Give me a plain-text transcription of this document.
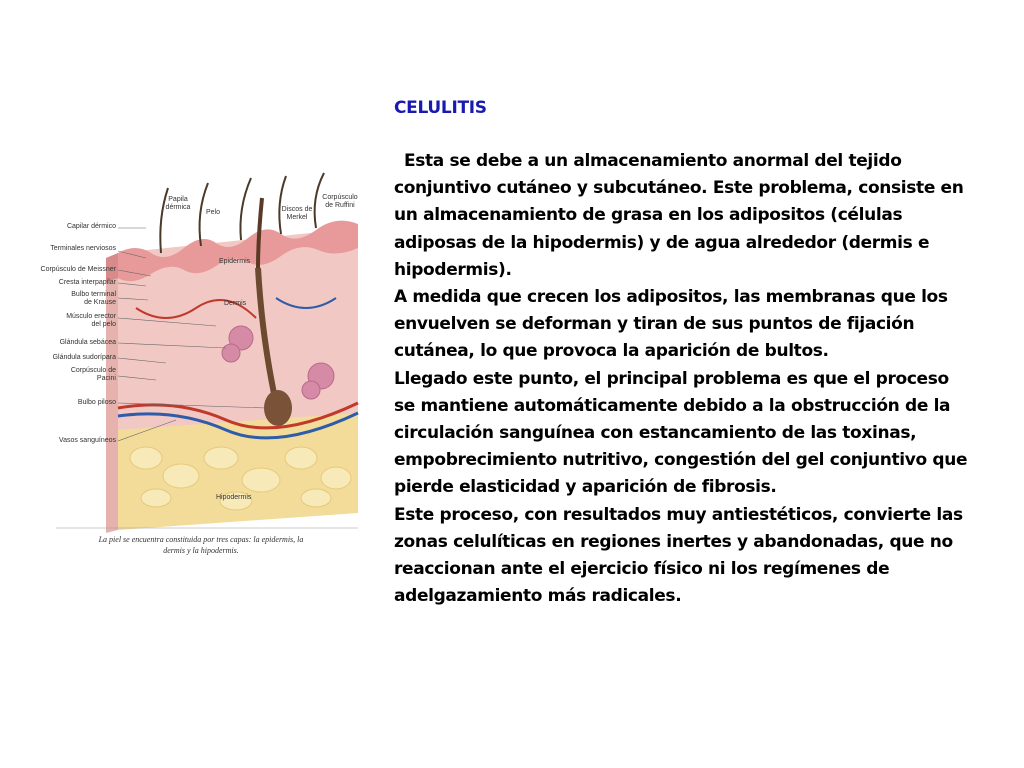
Capilar dérmico
Terminales nerviosos
Corpúsculo de Meissner
Cresta interpapilar
Bulbo terminal de Krause
Músculo erector del pelo
Glándula sebácea
Glándula sudorípara
Corpúsculo de Pacini
Bulbo piloso
Vasos sanguíneos
Papila dérmica
Pelo	Discos de Merkel
Corpúsculo de Ruffini
Epidermis
Dermis
Hipodermis
La piel se encuentra constituida por tres capas: la epidermis, la dermis y la hipodermis.
CELULITIS

Esta se debe a un almacenamiento anormal del tejido conjuntivo cutáneo y subcutáneo. Este problema, consiste en un almacenamiento de grasa en los adipositos (células adiposas de la hipodermis) y de agua alrededor (dermis e hipodermis).

A medida que crecen los adipositos, las membranas que los envuelven se deforman y tiran de sus puntos de fijación cutánea, lo que provoca la aparición de bultos.

Llegado este punto, el principal problema es que el proceso se mantiene automáticamente debido a la obstrucción de la circulación sanguínea con estancamiento de las toxinas, empobrecimiento nutritivo, congestión del gel conjuntivo que pierde elasticidad y aparición de fibrosis.

Este proceso, con resultados muy antiestéticos, convierte las zonas celulíticas en regiones inertes y abandonadas, que no reaccionan ante el ejercicio físico ni los regímenes de adelgazamiento más radicales.
